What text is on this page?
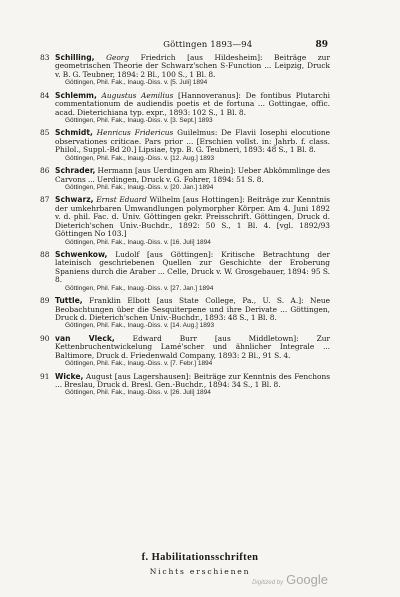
Göttingen 1893—94	89
83 Schilling, Georg Friedrich [aus Hildesheim]: Beiträge zur geometrischen Theorie der Schwarz'schen S-Function ... Leipzig, Druck v. B. G. Teubner, 1894: 2 Bl., 100 S., 1 Bl. 8.
Göttingen, Phil. Fak., Inaug.-Diss. v. [5. Juli] 1894
84 Schlemm, Augustus Aemilius [Hannoveranus]: De fontibus Plutarchi commentationum de audiendis poetis et de fortuna ... Gottingae, offic. acad. Dieterichiana typ. expr., 1893: 102 S., 1 Bl. 8.
Göttingen, Phil. Fak., Inaug.-Diss. v. [3. Sept.] 1893
85 Schmidt, Henricus Fridericus Guilelmus: De Flavii Iosephi elocutione observationes criticae. Pars prior ... [Erschien vollst. in: Jahrb. f. class. Philol., Suppl.-Bd 20.] Lipsiae, typ. B. G. Teubneri, 1893: 48 S., 1 Bl. 8.
Göttingen, Phil. Fak., Inaug.-Diss. v. [12. Aug.] 1893
86 Schrader, Hermann [aus Uerdingen am Rhein]: Ueber Abkömmlinge des Carvons ... Uerdingen, Druck v. G. Fohrer, 1894: 51 S. 8.
Göttingen, Phil. Fak., Inaug.-Diss. v. [20. Jan.] 1894
87 Schwarz, Ernst Eduard Wilhelm [aus Hottingen]: Beiträge zur Kenntnis der umkehrbaren Umwandlungen polymorpher Körper. Am 4. Juni 1892 v. d. phil. Fac. d. Univ. Göttingen gekr. Preisschrift. Göttingen, Druck d. Dieterich'schen Univ.-Buchdr., 1892: 50 S., 1 Bl. 4. [vgl. 1892/93 Göttingen No 103.]
Göttingen, Phil. Fak., Inaug.-Diss. v. [16. Juli] 1894
88 Schwenkow, Ludolf [aus Göttingen]: Kritische Betrachtung der lateinisch geschriebenen Quellen zur Geschichte der Eroberung Spaniens durch die Araber ... Celle, Druck v. W. Grosgebauer, 1894: 95 S. 8.
Göttingen, Phil. Fak., Inaug.-Diss. v. [27. Jan.] 1894
89 Tuttle, Franklin Elbott [aus State College, Pa., U. S. A.]: Neue Beobachtungen über die Sesquiterpene und ihre Derivate ... Göttingen, Druck d. Dieterich'schen Univ.-Buchdr., 1893: 48 S., 1 Bl. 8.
Göttingen, Phil. Fak., Inaug.-Diss. v. [14. Aug.] 1893
90 van Vleck, Edward Burr [aus Middletown]: Zur Kettenbruchentwickelung Lamé'scher und ähnlicher Integrale ... Baltimore, Druck d. Friedenwald Company, 1893: 2 Bl., 91 S. 4.
Göttingen, Phil. Fak., Inaug.-Diss. v. [7. Febr.] 1894
91 Wicke, August [aus Lagershausen]: Beiträge zur Kenntnis des Fenchons ... Breslau, Druck d. Bresl. Gen.-Buchdr., 1894: 34 S., 1 Bl. 8.
Göttingen, Phil. Fak., Inaug.-Diss. v. [26. Juli] 1894
f. Habilitationsschriften
Nichts erschienen
Digitized by Google
